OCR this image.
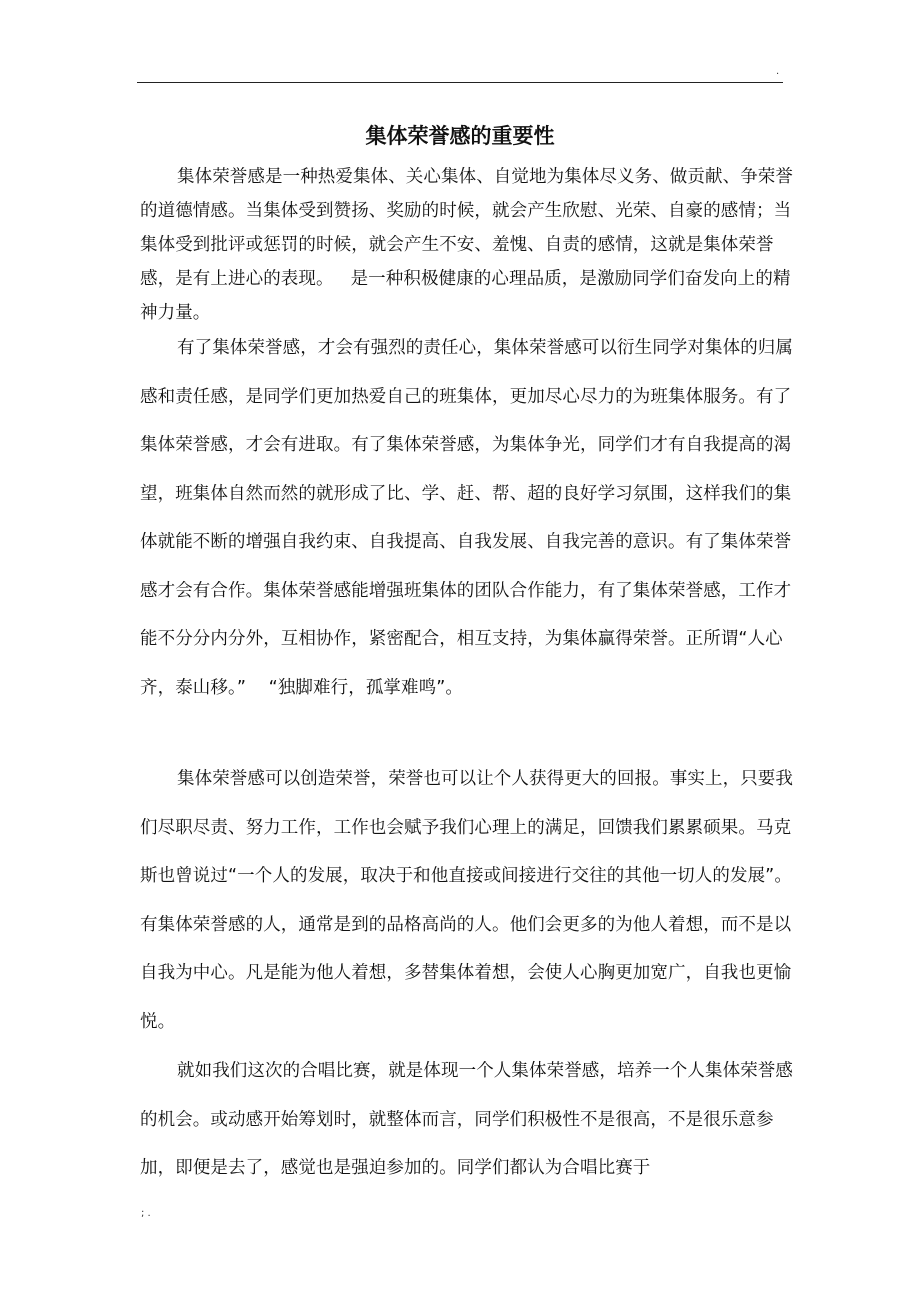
.
集体荣誉感的重要性

集体荣誉感是一种热爱集体、关心集体、自觉地为集体尽义务、做贡献、争荣誉的道德情感。当集体受到赞扬、奖励的时候，就会产生欣慰、光荣、自豪的感情；当集体受到批评或惩罚的时候，就会产生不安、羞愧、自责的感情，这就是集体荣誉感，是有上进心的表现。   是一种积极健康的心理品质，是激励同学们奋发向上的精神力量。

有了集体荣誉感，才会有强烈的责任心，集体荣誉感可以衍生同学对集体的归属感和责任感，是同学们更加热爱自己的班集体，更加尽心尽力的为班集体服务。有了集体荣誉感，才会有进取。有了集体荣誉感，为集体争光，同学们才有自我提高的渴望，班集体自然而然的就形成了比、学、赶、帮、超的良好学习氛围，这样我们的集体就能不断的增强自我约束、自我提高、自我发展、自我完善的意识。有了集体荣誉感才会有合作。集体荣誉感能增强班集体的团队合作能力，有了集体荣誉感，工作才能不分分内分外，互相协作，紧密配合，相互支持，为集体赢得荣誉。正所谓“人心齐，泰山移。”    “独脚难行，孤掌难鸣”。

集体荣誉感可以创造荣誉，荣誉也可以让个人获得更大的回报。事实上，只要我们尽职尽责、努力工作，工作也会赋予我们心理上的满足，回馈我们累累硕果。马克斯也曾说过“一个人的发展，取决于和他直接或间接进行交往的其他一切人的发展”。有集体荣誉感的人，通常是到的品格高尚的人。他们会更多的为他人着想，而不是以自我为中心。凡是能为他人着想，多替集体着想，会使人心胸更加宽广，自我也更愉悦。

就如我们这次的合唱比赛，就是体现一个人集体荣誉感，培养一个人集体荣誉感的机会。或动感开始筹划时，就整体而言，同学们积极性不是很高，不是很乐意参加，即便是去了，感觉也是强迫参加的。同学们都认为合唱比赛于

; .
